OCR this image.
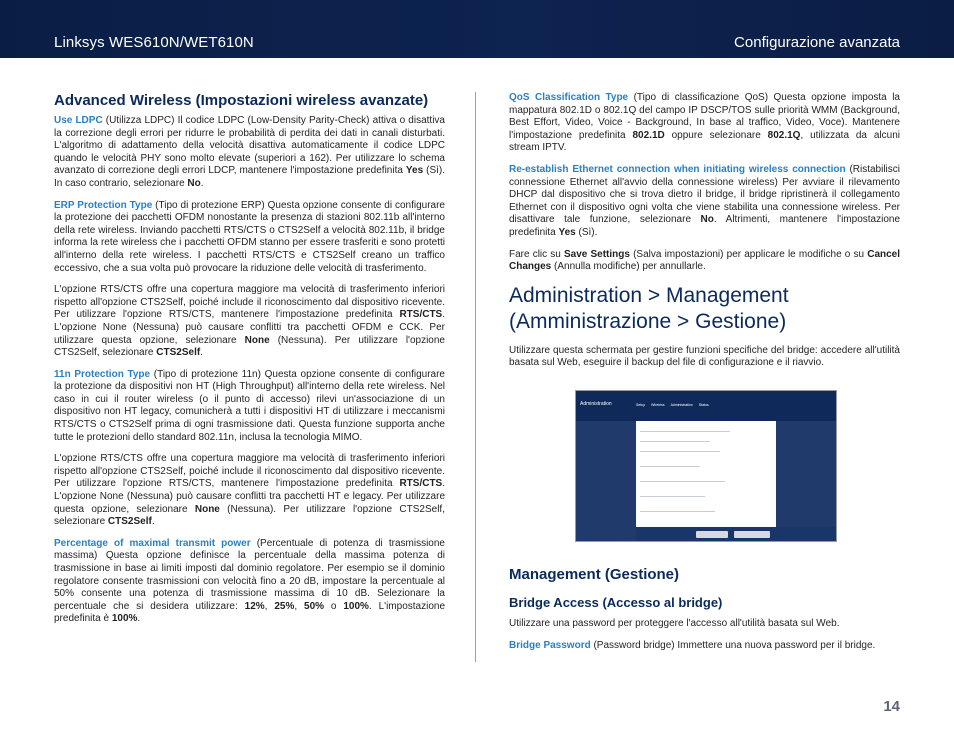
Linksys WES610N/WET610N	Configurazione avanzata
Advanced Wireless (Impostazioni wireless avanzate)

Use LDPC (Utilizza LDPC) Il codice LDPC (Low-Density Parity-Check) attiva o disattiva la correzione degli errori per ridurre le probabilità di perdita dei dati in canali disturbati. L'algoritmo di adattamento della velocità disattiva automaticamente il codice LDPC quando le velocità PHY sono molto elevate (superiori a 162). Per utilizzare lo schema avanzato di correzione degli errori LDCP, mantenere l'impostazione predefinita Yes (Sì). In caso contrario, selezionare No.

ERP Protection Type (Tipo di protezione ERP) Questa opzione consente di configurare la protezione dei pacchetti OFDM nonostante la presenza di stazioni 802.11b all'interno della rete wireless. Inviando pacchetti RTS/CTS o CTS2Self a velocità 802.11b, il bridge informa la rete wireless che i pacchetti OFDM stanno per essere trasferiti e sono protetti all'interno della rete wireless. I pacchetti RTS/CTS e CTS2Self creano un traffico eccessivo, che a sua volta può provocare la riduzione delle velocità di trasferimento.

L'opzione RTS/CTS offre una copertura maggiore ma velocità di trasferimento inferiori rispetto all'opzione CTS2Self, poiché include il riconoscimento dal dispositivo ricevente. Per utilizzare l'opzione RTS/CTS, mantenere l'impostazione predefinita RTS/CTS. L'opzione None (Nessuna) può causare conflitti tra pacchetti OFDM e CCK. Per utilizzare questa opzione, selezionare None (Nessuna). Per utilizzare l'opzione CTS2Self, selezionare CTS2Self.

11n Protection Type (Tipo di protezione 11n) Questa opzione consente di configurare la protezione da dispositivi non HT (High Throughput) all'interno della rete wireless. Nel caso in cui il router wireless (o il punto di accesso) rilevi un'associazione di un dispositivo non HT legacy, comunicherà a tutti i dispositivi HT di utilizzare i meccanismi RTS/CTS o CTS2Self prima di ogni trasmissione dati. Questa funzione supporta anche tutte le protezioni dello standard 802.11n, inclusa la tecnologia MIMO.

L'opzione RTS/CTS offre una copertura maggiore ma velocità di trasferimento inferiori rispetto all'opzione CTS2Self, poiché include il riconoscimento dal dispositivo ricevente. Per utilizzare l'opzione RTS/CTS, mantenere l'impostazione predefinita RTS/CTS. L'opzione None (Nessuna) può causare conflitti tra pacchetti HT e legacy. Per utilizzare questa opzione, selezionare None (Nessuna). Per utilizzare l'opzione CTS2Self, selezionare CTS2Self.

Percentage of maximal transmit power (Percentuale di potenza di trasmissione massima) Questa opzione definisce la percentuale della massima potenza di trasmissione in base ai limiti imposti dal dominio regolatore. Per esempio se il dominio regolatore consente trasmissioni con velocità fino a 20 dB, impostare la percentuale al 50% consente una potenza di trasmissione massima di 10 dB. Selezionare la percentuale che si desidera utilizzare: 12%, 25%, 50% o 100%. L'impostazione predefinita è 100%.

QoS Classification Type (Tipo di classificazione QoS) Questa opzione imposta la mappatura 802.1D o 802.1Q del campo IP DSCP/TOS sulle priorità WMM (Background, Best Effort, Video, Voice - Background, In base al traffico, Video, Voce). Mantenere l'impostazione predefinita 802.1D oppure selezionare 802.1Q, utilizzata da alcuni stream IPTV.

Re-establish Ethernet connection when initiating wireless connection (Ristabilisci connessione Ethernet all'avvio della connessione wireless) Per avviare il rilevamento DHCP dal dispositivo che si trova dietro il bridge, il bridge ripristinerà il collegamento Ethernet con il dispositivo ogni volta che viene stabilita una connessione wireless. Per disattivare tale funzione, selezionare No. Altrimenti, mantenere l'impostazione predefinita Yes (Sì).

Fare clic su Save Settings (Salva impostazioni) per applicare le modifiche o su Cancel Changes (Annulla modifiche) per annullarle.

Administration > Management (Amministrazione > Gestione)

Utilizzare questa schermata per gestire funzioni specifiche del bridge: accedere all'utilità basata sul Web, eseguire il backup del file di configurazione e il riavvio.

Administration	Setup Wireless Administration Status
Management (Gestione)
Bridge Access (Accesso al bridge)

Utilizzare una password per proteggere l'accesso all'utilità basata sul Web.

Bridge Password (Password bridge) Immettere una nuova password per il bridge.

14
